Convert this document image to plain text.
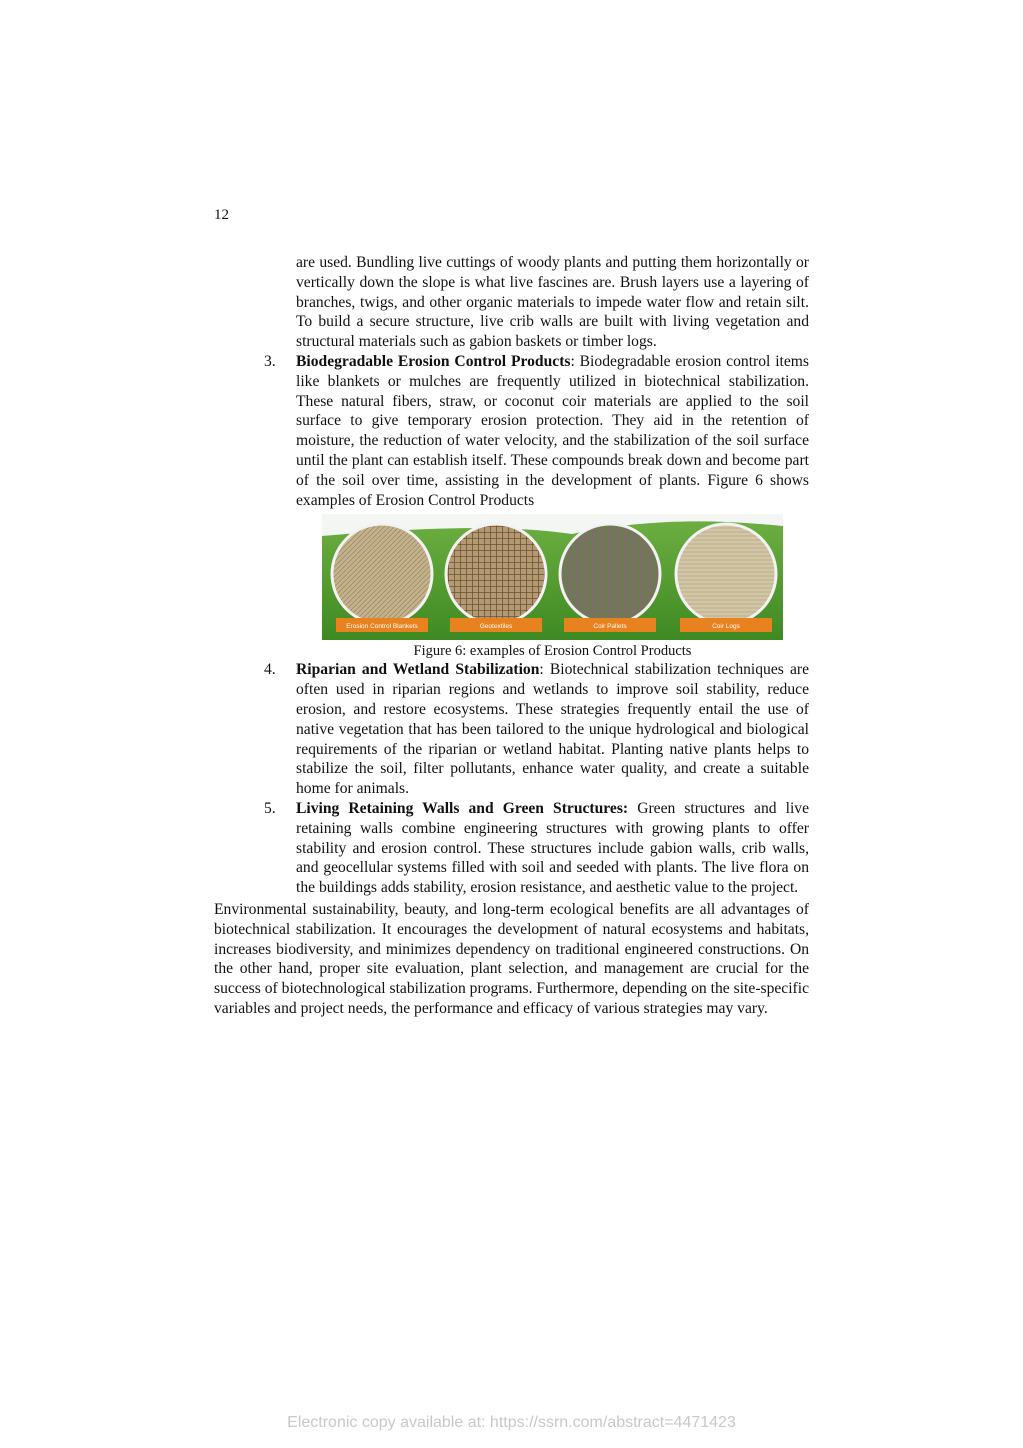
12

are used. Bundling live cuttings of woody plants and putting them horizontally or vertically down the slope is what live fascines are. Brush layers use a layering of branches, twigs, and other organic materials to impede water flow and retain silt. To build a secure structure, live crib walls are built with living vegetation and structural materials such as gabion baskets or timber logs.

3. Biodegradable Erosion Control Products: Biodegradable erosion control items like blankets or mulches are frequently utilized in biotechnical stabilization. These natural fibers, straw, or coconut coir materials are applied to the soil surface to give temporary erosion protection. They aid in the retention of moisture, the reduction of water velocity, and the stabilization of the soil surface until the plant can establish itself. These compounds break down and become part of the soil over time, assisting in the development of plants. Figure 6 shows examples of Erosion Control Products
Erosion Control Blankets	Geotextiles	Coir Pallets	Coir Logs
Figure 6: examples of Erosion Control Products
4. Riparian and Wetland Stabilization: Biotechnical stabilization techniques are often used in riparian regions and wetlands to improve soil stability, reduce erosion, and restore ecosystems. These strategies frequently entail the use of native vegetation that has been tailored to the unique hydrological and biological requirements of the riparian or wetland habitat. Planting native plants helps to stabilize the soil, filter pollutants, enhance water quality, and create a suitable home for animals.
5. Living Retaining Walls and Green Structures: Green structures and live retaining walls combine engineering structures with growing plants to offer stability and erosion control. These structures include gabion walls, crib walls, and geocellular systems filled with soil and seeded with plants. The live flora on the buildings adds stability, erosion resistance, and aesthetic value to the project.

Environmental sustainability, beauty, and long-term ecological benefits are all advantages of biotechnical stabilization. It encourages the development of natural ecosystems and habitats, increases biodiversity, and minimizes dependency on traditional engineered constructions. On the other hand, proper site evaluation, plant selection, and management are crucial for the success of biotechnological stabilization programs. Furthermore, depending on the site-specific variables and project needs, the performance and efficacy of various strategies may vary.

Electronic copy available at: https://ssrn.com/abstract=4471423
